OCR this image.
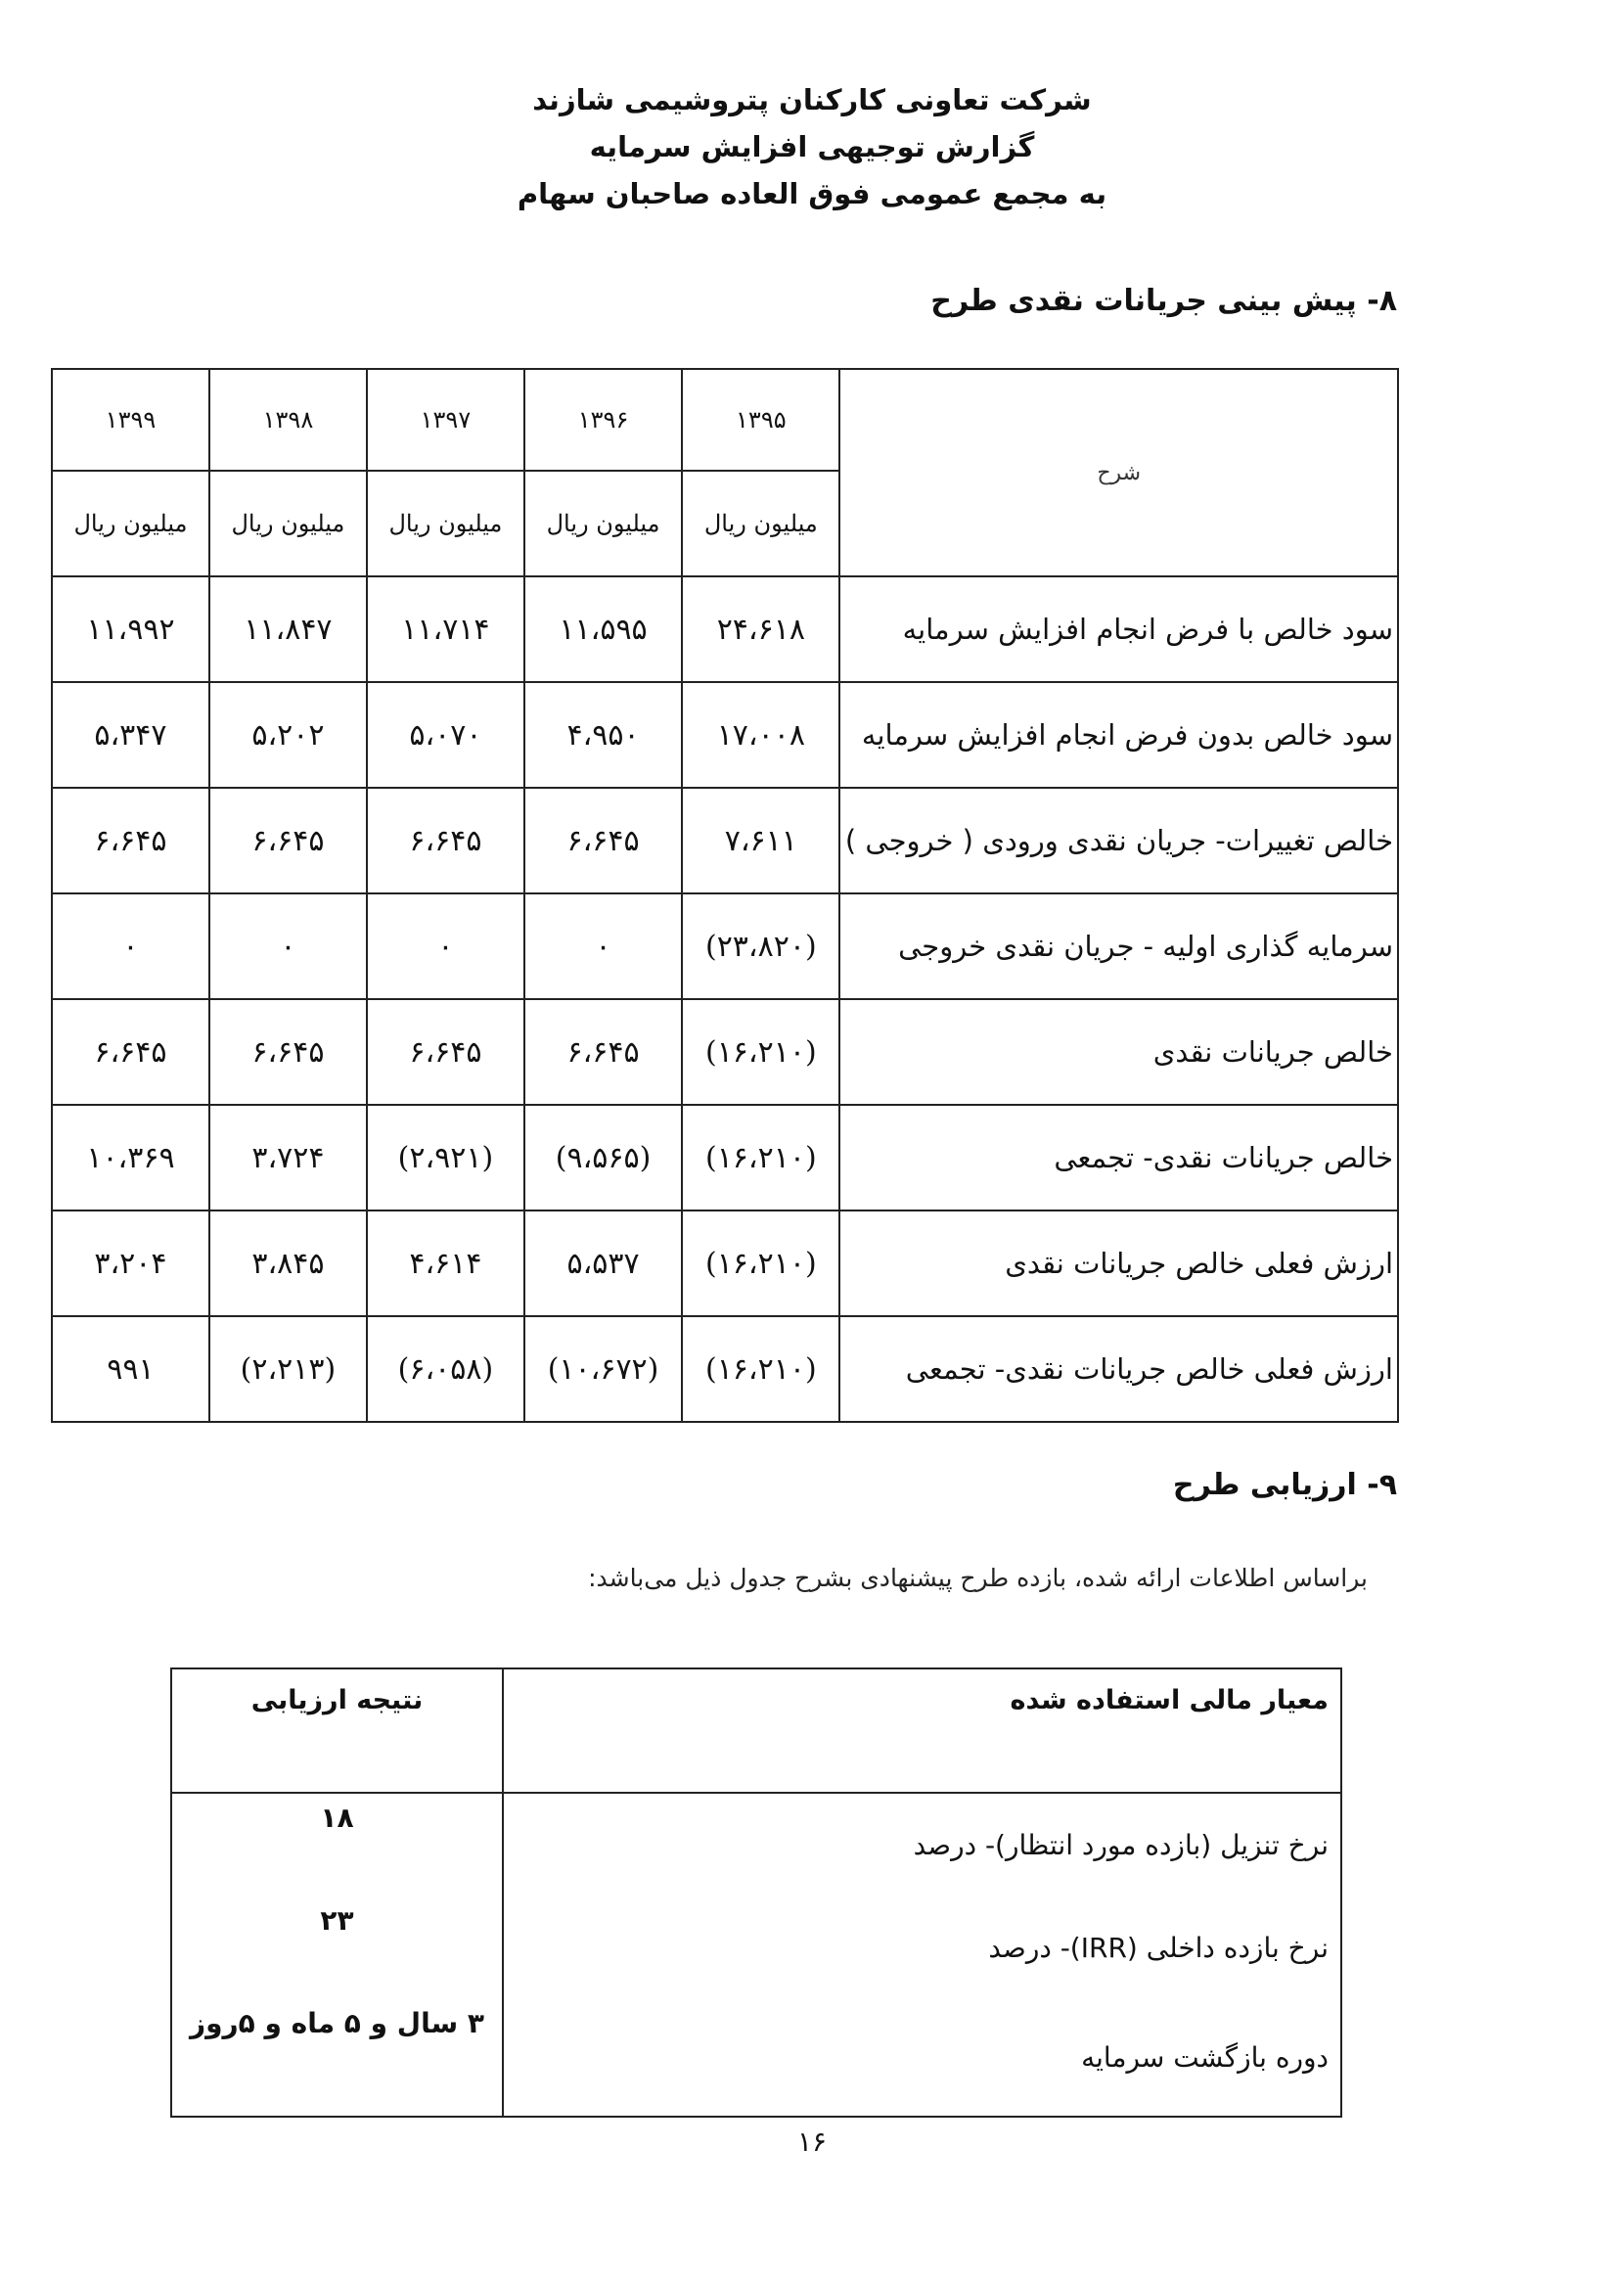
شرکت تعاونی کارکنان پتروشیمی شازند
گزارش توجیهی افزایش سرمایه
به مجمع عمومی فوق العاده صاحبان سهام
۸- پیش بینی جریانات نقدی طرح
شرح	۱۳۹۵	۱۳۹۶	۱۳۹۷	۱۳۹۸	۱۳۹۹
	میلیون ریال	میلیون ریال	میلیون ریال	میلیون ریال	میلیون ریال
سود خالص با فرض انجام افزایش سرمایه	۲۴،۶۱۸	۱۱،۵۹۵	۱۱،۷۱۴	۱۱،۸۴۷	۱۱،۹۹۲
سود خالص بدون فرض انجام افزایش سرمایه	۱۷،۰۰۸	۴،۹۵۰	۵،۰۷۰	۵،۲۰۲	۵،۳۴۷
خالص تغییرات- جریان نقدی ورودی ( خروجی )	۷،۶۱۱	۶،۶۴۵	۶،۶۴۵	۶،۶۴۵	۶،۶۴۵
سرمایه گذاری اولیه - جریان نقدی خروجی	(۲۳،۸۲۰)	۰	۰	۰	۰
خالص جریانات نقدی	(۱۶،۲۱۰)	۶،۶۴۵	۶،۶۴۵	۶،۶۴۵	۶،۶۴۵
خالص جریانات نقدی- تجمعی	(۱۶،۲۱۰)	(۹،۵۶۵)	(۲،۹۲۱)	۳،۷۲۴	۱۰،۳۶۹
ارزش فعلی خالص جریانات نقدی	(۱۶،۲۱۰)	۵،۵۳۷	۴،۶۱۴	۳،۸۴۵	۳،۲۰۴
ارزش فعلی خالص جریانات نقدی- تجمعی	(۱۶،۲۱۰)	(۱۰،۶۷۲)	(۶،۰۵۸)	(۲،۲۱۳)	۹۹۱
۹- ارزیابی طرح
براساس اطلاعات ارائه شده، بازده طرح پیشنهادی بشرح جدول ذیل می‌باشد:
معیار مالی استفاده شده	نتیجه ارزیابی
نرخ تنزیل (بازده مورد انتظار)- درصد	۱۸
نرخ بازده داخلی (IRR)- درصد	۲۳
دوره بازگشت سرمایه	۳ سال و ۵ ماه و ۵روز
۱۶
